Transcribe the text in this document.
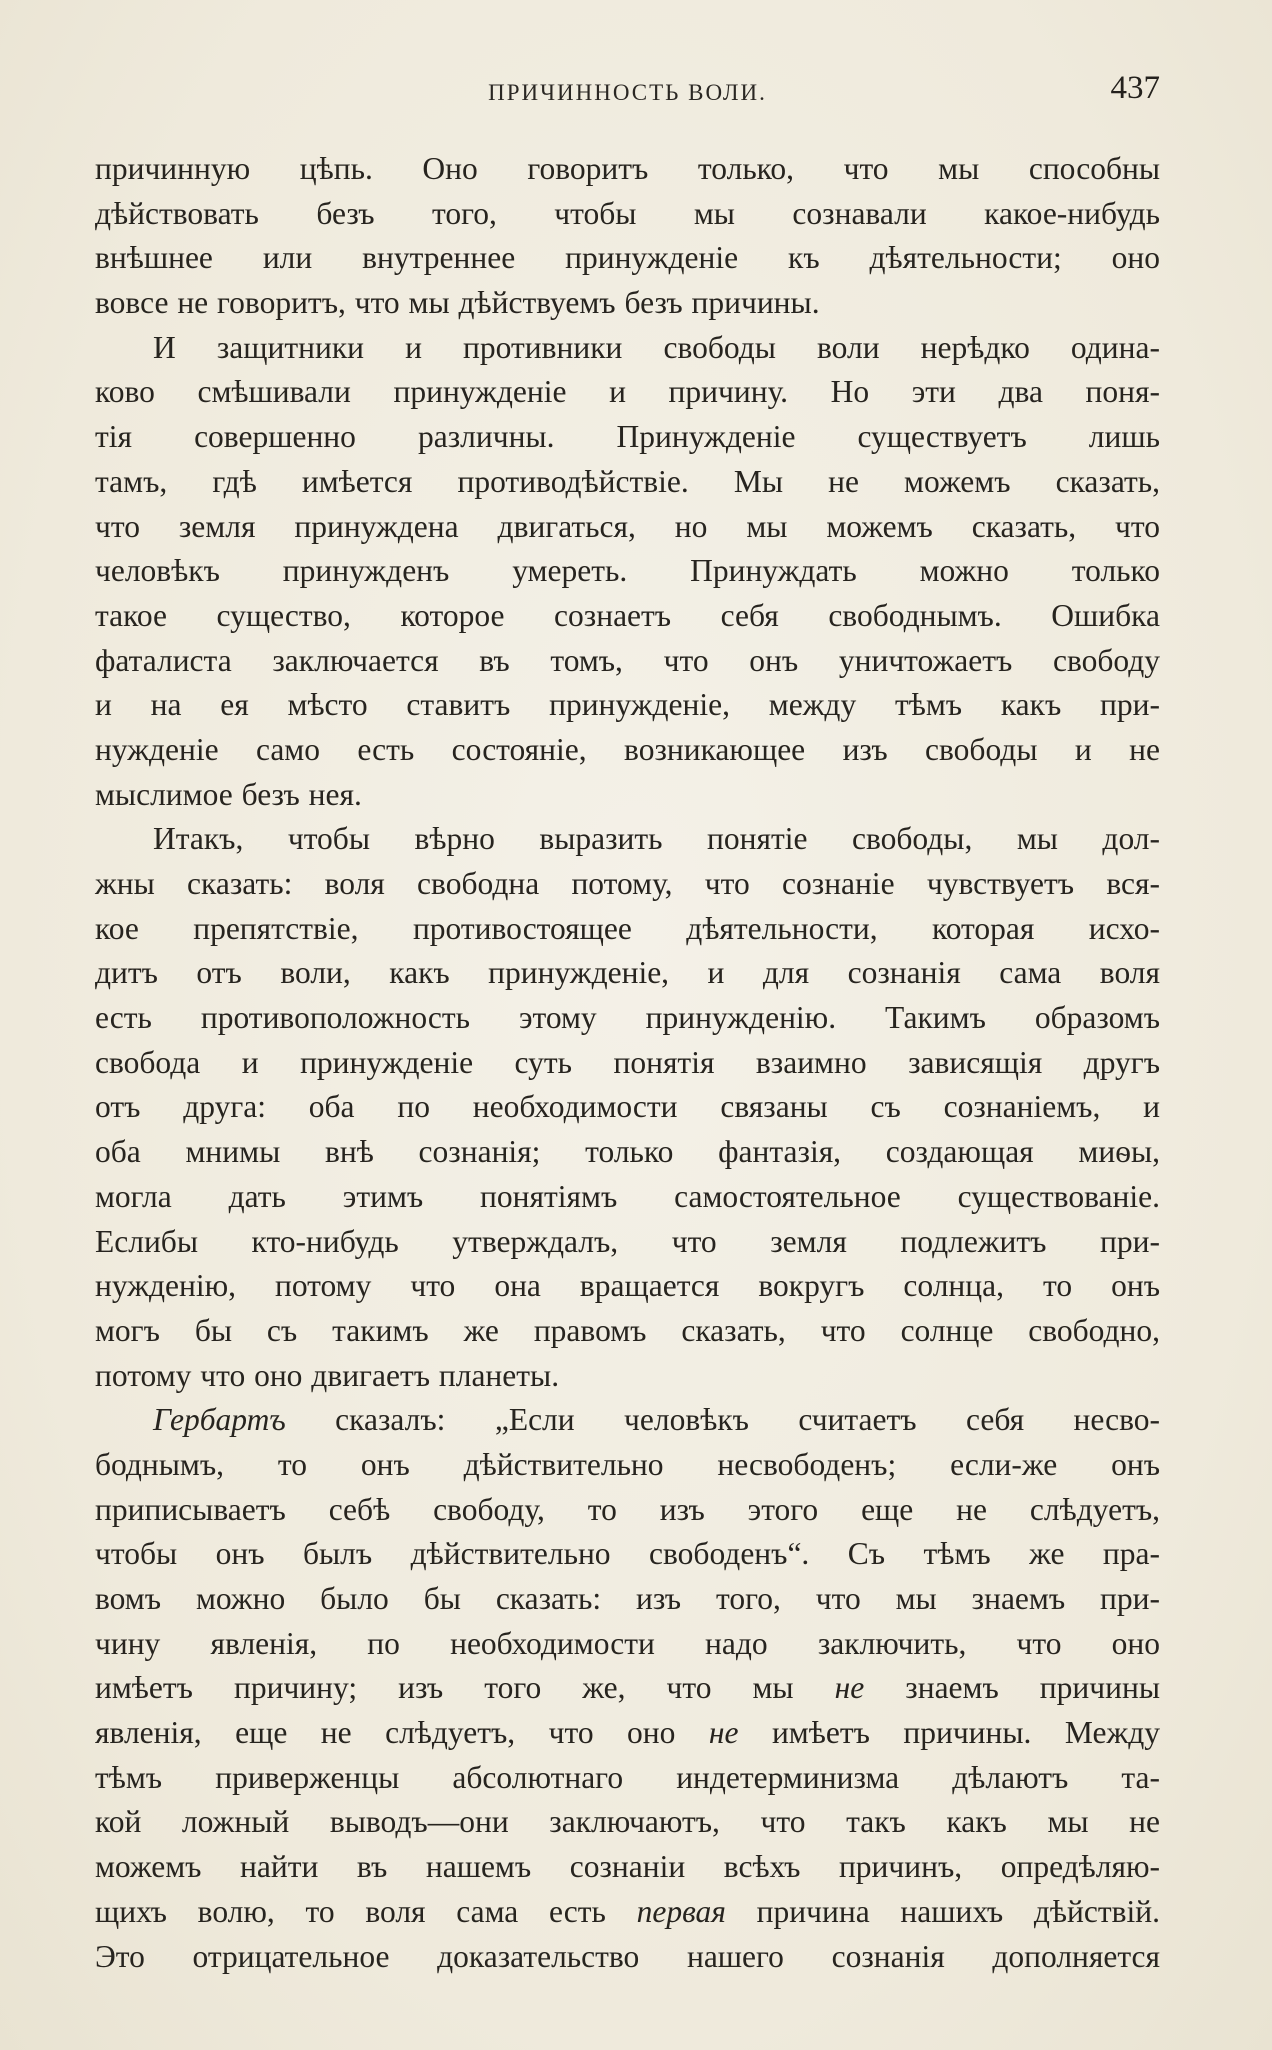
ПРИЧИННОСТЬ ВОЛИ.	437
причинную цѣпь. Оно говоритъ только, что мы способны
дѣйствовать безъ того, чтобы мы сознавали какое-нибудь
внѣшнее или внутреннее принужденіе къ дѣятельности; оно
вовсе не говоритъ, что мы дѣйствуемъ безъ причины.
И защитники и противники свободы воли нерѣдко одина-
ково смѣшивали принужденіе и причину. Но эти два поня-
тія совершенно различны. Принужденіе существуетъ лишь
тамъ, гдѣ имѣется противодѣйствіе. Мы не можемъ сказать,
что земля принуждена двигаться, но мы можемъ сказать, что
человѣкъ принужденъ умереть. Принуждать можно только
такое существо, которое сознаетъ себя свободнымъ. Ошибка
фаталиста заключается въ томъ, что онъ уничтожаетъ свободу
и на ея мѣсто ставитъ принужденіе, между тѣмъ какъ при-
нужденіе само есть состояніе, возникающее изъ свободы и не
мыслимое безъ нея.
Итакъ, чтобы вѣрно выразить понятіе свободы, мы дол-
жны сказать: воля свободна потому, что сознаніе чувствуетъ вся-
кое препятствіе, противостоящее дѣятельности, которая исхо-
дитъ отъ воли, какъ принужденіе, и для сознанія сама воля
есть противоположность этому принужденію. Такимъ образомъ
свобода и принужденіе суть понятія взаимно зависящія другъ
отъ друга: оба по необходимости связаны съ сознаніемъ, и
оба мнимы внѣ сознанія; только фантазія, создающая миѳы,
могла дать этимъ понятіямъ самостоятельное существованіе.
Еслибы кто-нибудь утверждалъ, что земля подлежитъ при-
нужденію, потому что она вращается вокругъ солнца, то онъ
могъ бы съ такимъ же правомъ сказать, что солнце свободно,
потому что оно двигаетъ планеты.
Гербартъ сказалъ: „Если человѣкъ считаетъ себя несво-
боднымъ, то онъ дѣйствительно несвободенъ; если-же онъ
приписываетъ себѣ свободу, то изъ этого еще не слѣдуетъ,
чтобы онъ былъ дѣйствительно свободенъ“. Съ тѣмъ же пра-
вомъ можно было бы сказать: изъ того, что мы знаемъ при-
чину явленія, по необходимости надо заключить, что оно
имѣетъ причину; изъ того же, что мы не знаемъ причины
явленія, еще не слѣдуетъ, что оно не имѣетъ причины. Между
тѣмъ приверженцы абсолютнаго индетерминизма дѣлаютъ та-
кой ложный выводъ—они заключаютъ, что такъ какъ мы не
можемъ найти въ нашемъ сознаніи всѣхъ причинъ, опредѣляю-
щихъ волю, то воля сама есть первая причина нашихъ дѣйствій.
Это отрицательное доказательство нашего сознанія дополняется
